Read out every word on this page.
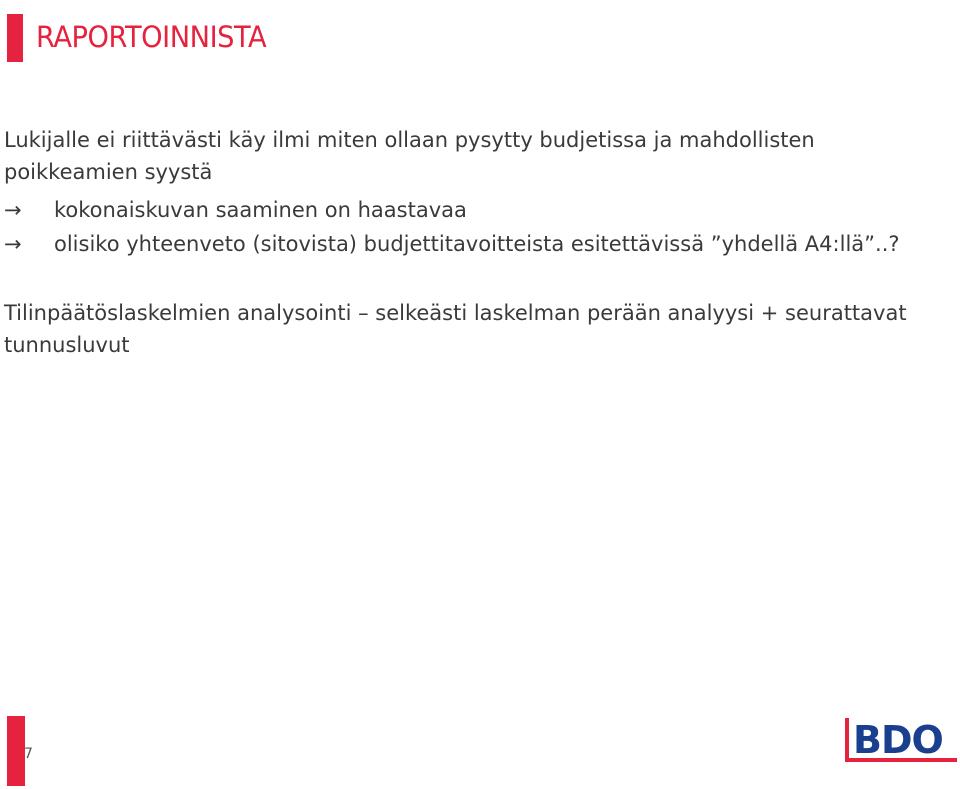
RAPORTOINNISTA

Lukijalle ei riittävästi käy ilmi miten ollaan pysytty budjetissa ja mahdollisten poikkeamien syystä

→ kokonaiskuvan saaminen on haastavaa

→ olisiko yhteenveto (sitovista) budjettitavoitteista esitettävissä ”yhdellä A4:llä”..?

Tilinpäätöslaskelmien analysointi – selkeästi laskelman perään analyysi + seurattavat tunnusluvut

7	BDO
